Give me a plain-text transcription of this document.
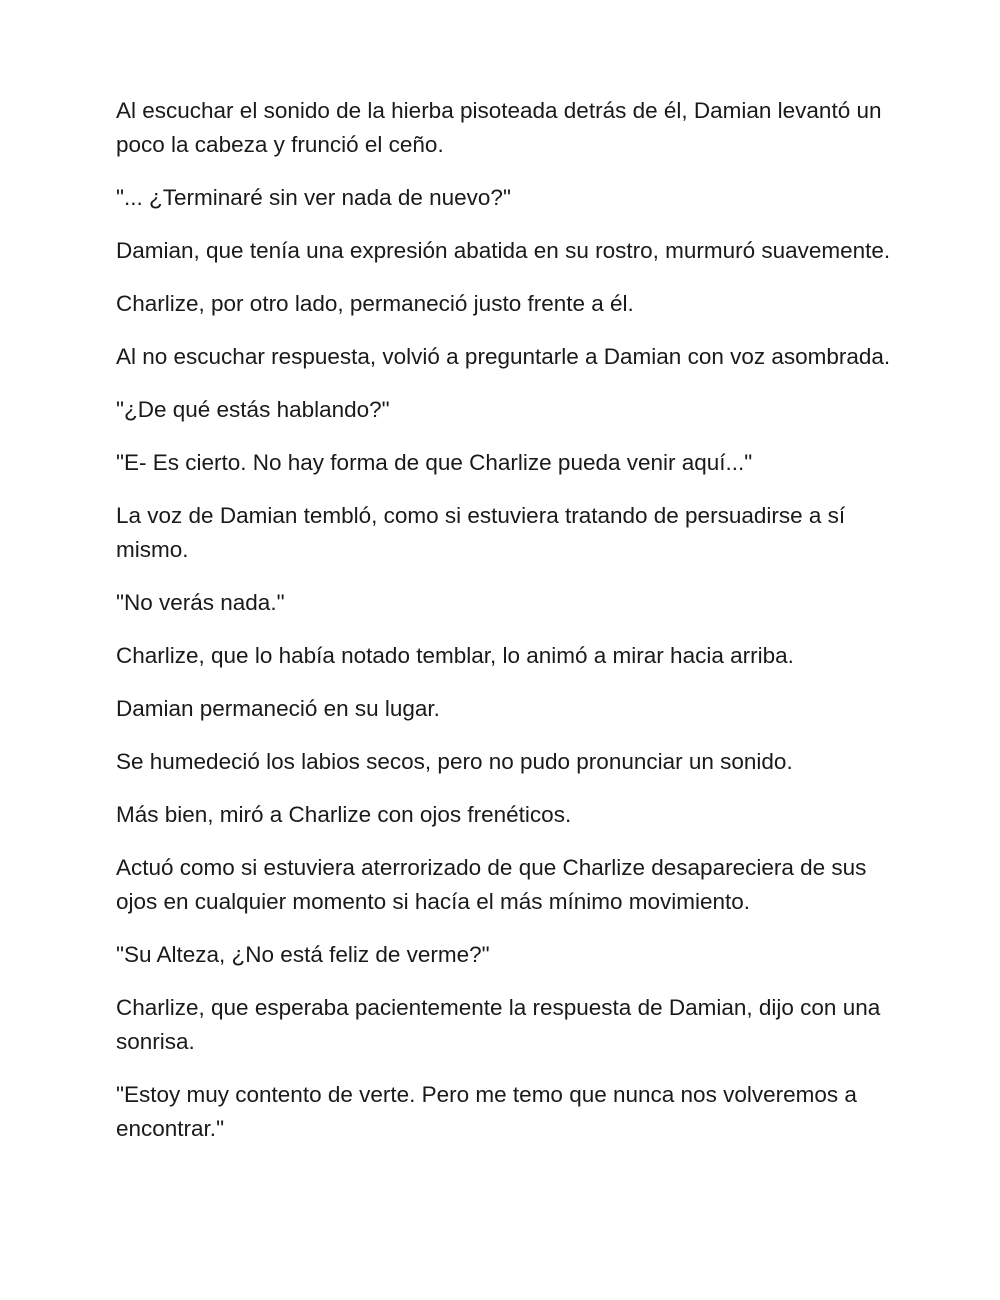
Al escuchar el sonido de la hierba pisoteada detrás de él, Damian levantó un poco la cabeza y frunció el ceño.

"... ¿Terminaré sin ver nada de nuevo?"

Damian, que tenía una expresión abatida en su rostro, murmuró suavemente.

Charlize, por otro lado, permaneció justo frente a él.

Al no escuchar respuesta, volvió a preguntarle a Damian con voz asombrada.

"¿De qué estás hablando?"

"E- Es cierto. No hay forma de que Charlize pueda venir aquí..."

La voz de Damian tembló, como si estuviera tratando de persuadirse a sí mismo.

"No verás nada."

Charlize, que lo había notado temblar, lo animó a mirar hacia arriba.

Damian permaneció en su lugar.

Se humedeció los labios secos, pero no pudo pronunciar un sonido.

Más bien, miró a Charlize con ojos frenéticos.

Actuó como si estuviera aterrorizado de que Charlize desapareciera de sus ojos en cualquier momento si hacía el más mínimo movimiento.

"Su Alteza, ¿No está feliz de verme?"

Charlize, que esperaba pacientemente la respuesta de Damian, dijo con una sonrisa.

"Estoy muy contento de verte. Pero me temo que nunca nos volveremos a encontrar."
